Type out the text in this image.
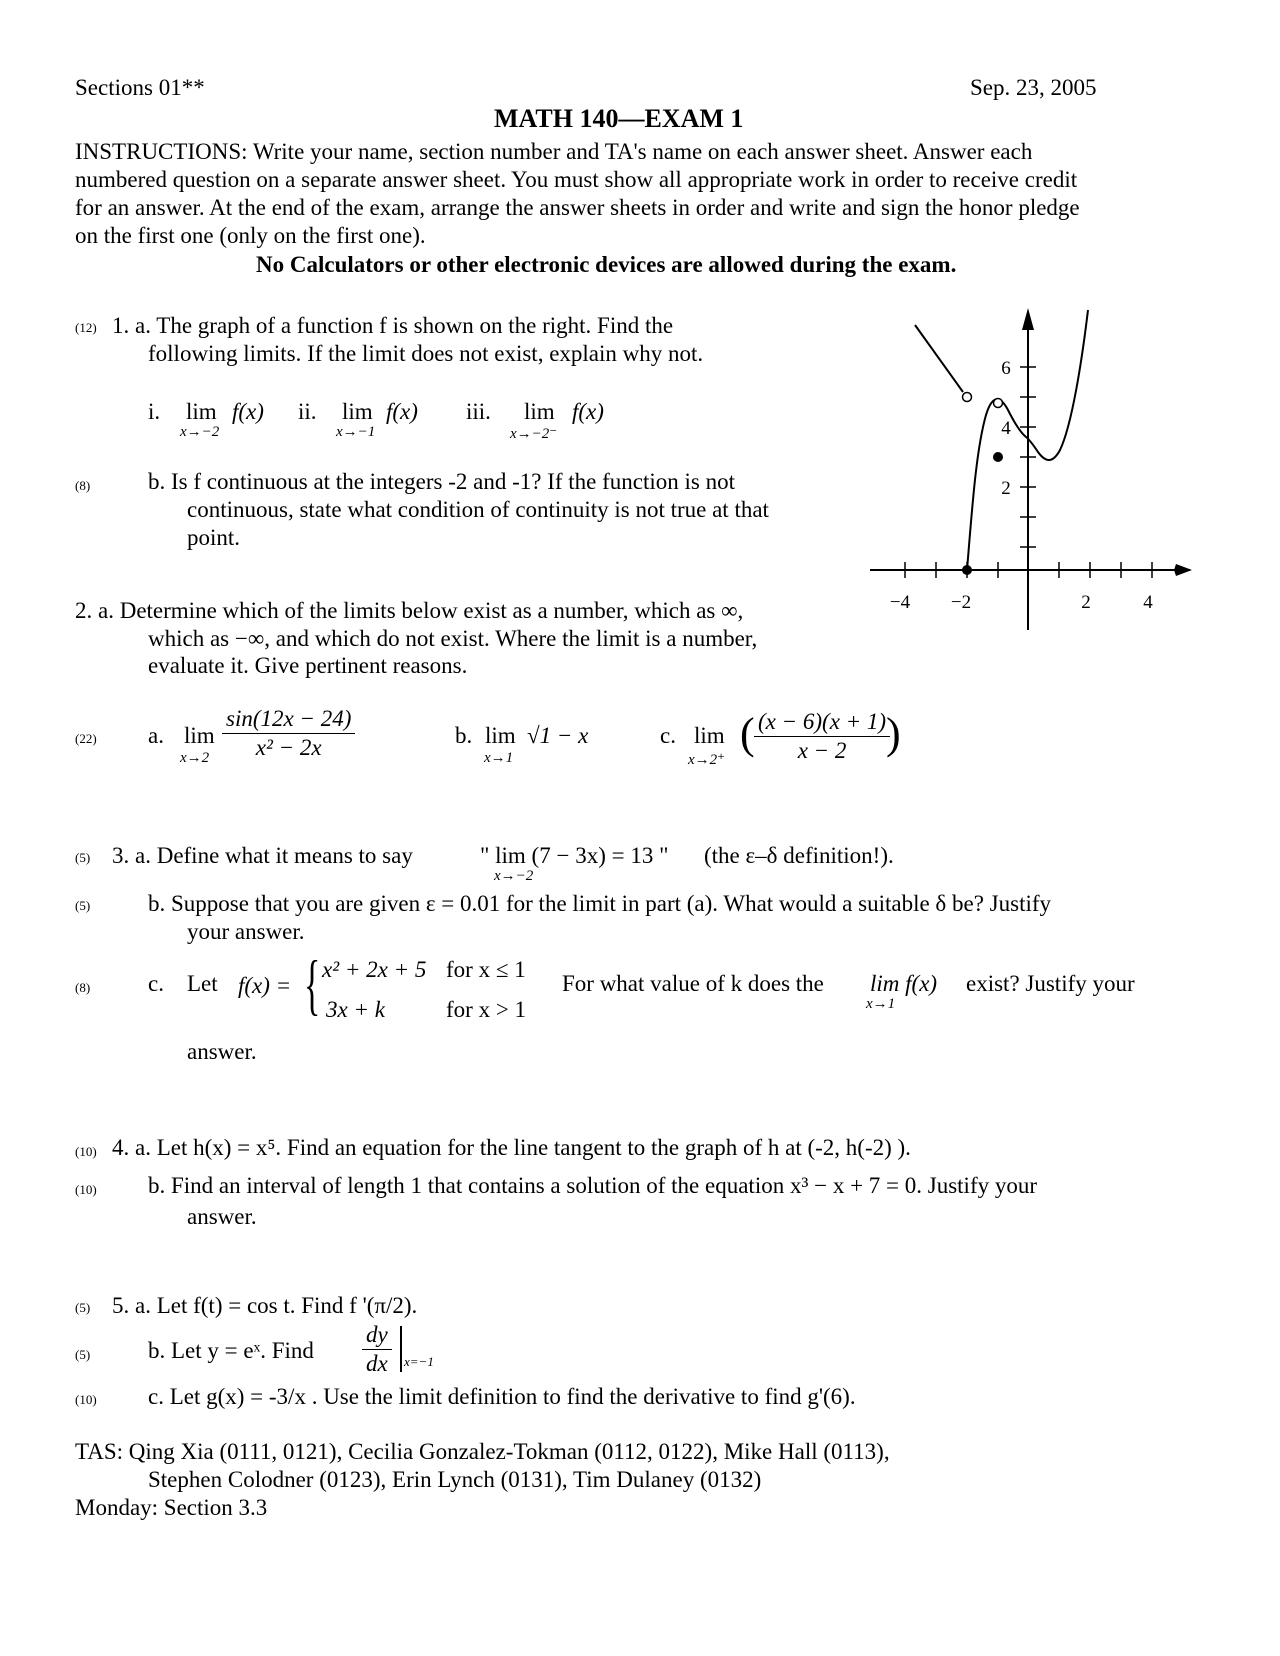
Sections 01**	Sep. 23, 2005
MATH 140—EXAM 1
INSTRUCTIONS: Write your name, section number and TA's name on each answer sheet. Answer each
numbered question on a separate answer sheet. You must show all appropriate work in order to receive credit
for an answer. At the end of the exam, arrange the answer sheets in order and write and sign the honor pledge
on the first one (only on the first one).
No Calculators or other electronic devices are allowed during the exam.
(12) 1. a. The graph of a function f is shown on the right. Find the
following limits. If the limit does not exist, explain why not.
i. lim f(x)
x→−2
ii. lim f(x)
x→−1
iii. lim f(x)
x→−2⁻
(8)	b. Is f continuous at the integers -2 and -1? If the function is not
continuous, state what condition of continuity is not true at that
point.
−4 −2	2	4
2
4
6
2. a. Determine which of the limits below exist as a number, which as ∞,
which as −∞, and which do not exist. Where the limit is a number,
evaluate it. Give pertinent reasons.
(22) a. lim
$x\to 2 \frac{\sin(12x - 24)}{\text{x² − 2x}}$	b. lim √1 − x
x→1
c. lim
x→2⁺
( $\frac{(x - 6)(x + 1)}{x - 2}$
)
(5) 3. a. Define what it means to say	" lim (7 − 3x) = 13 "
x→−2
(the ε–δ definition!).
(5)	b. Suppose that you are given ε = 0.01 for the limit in part (a). What would a suitable δ be? Justify
your answer.
(8)	c. Let f(x) = { x² + 2x + 5 for x ≤ 1
3x + k	for x > 1
For what value of k does the lim f(x)
x→1
exist? Justify your
answer.
(10) 4. a. Let h(x) = x⁵. Find an equation for the line tangent to the graph of h at (-2, h(-2) ).
(10) b. Find an interval of length 1 that contains a solution of the equation x³ − x + 7 = 0. Justify your
answer.
(5) 5. a. Let f(t) = cos t. Find f '(π/2).
(5)	b. Let y = eˣ. Find $\frac{dy}{dx} x=-1$
(10) c. Let g(x) = -3/x . Use the limit definition to find the derivative to find g'(6).
TAS: Qing Xia (0111, 0121), Cecilia Gonzalez-Tokman (0112, 0122), Mike Hall (0113),
Stephen Colodner (0123), Erin Lynch (0131), Tim Dulaney (0132)
Monday: Section 3.3
